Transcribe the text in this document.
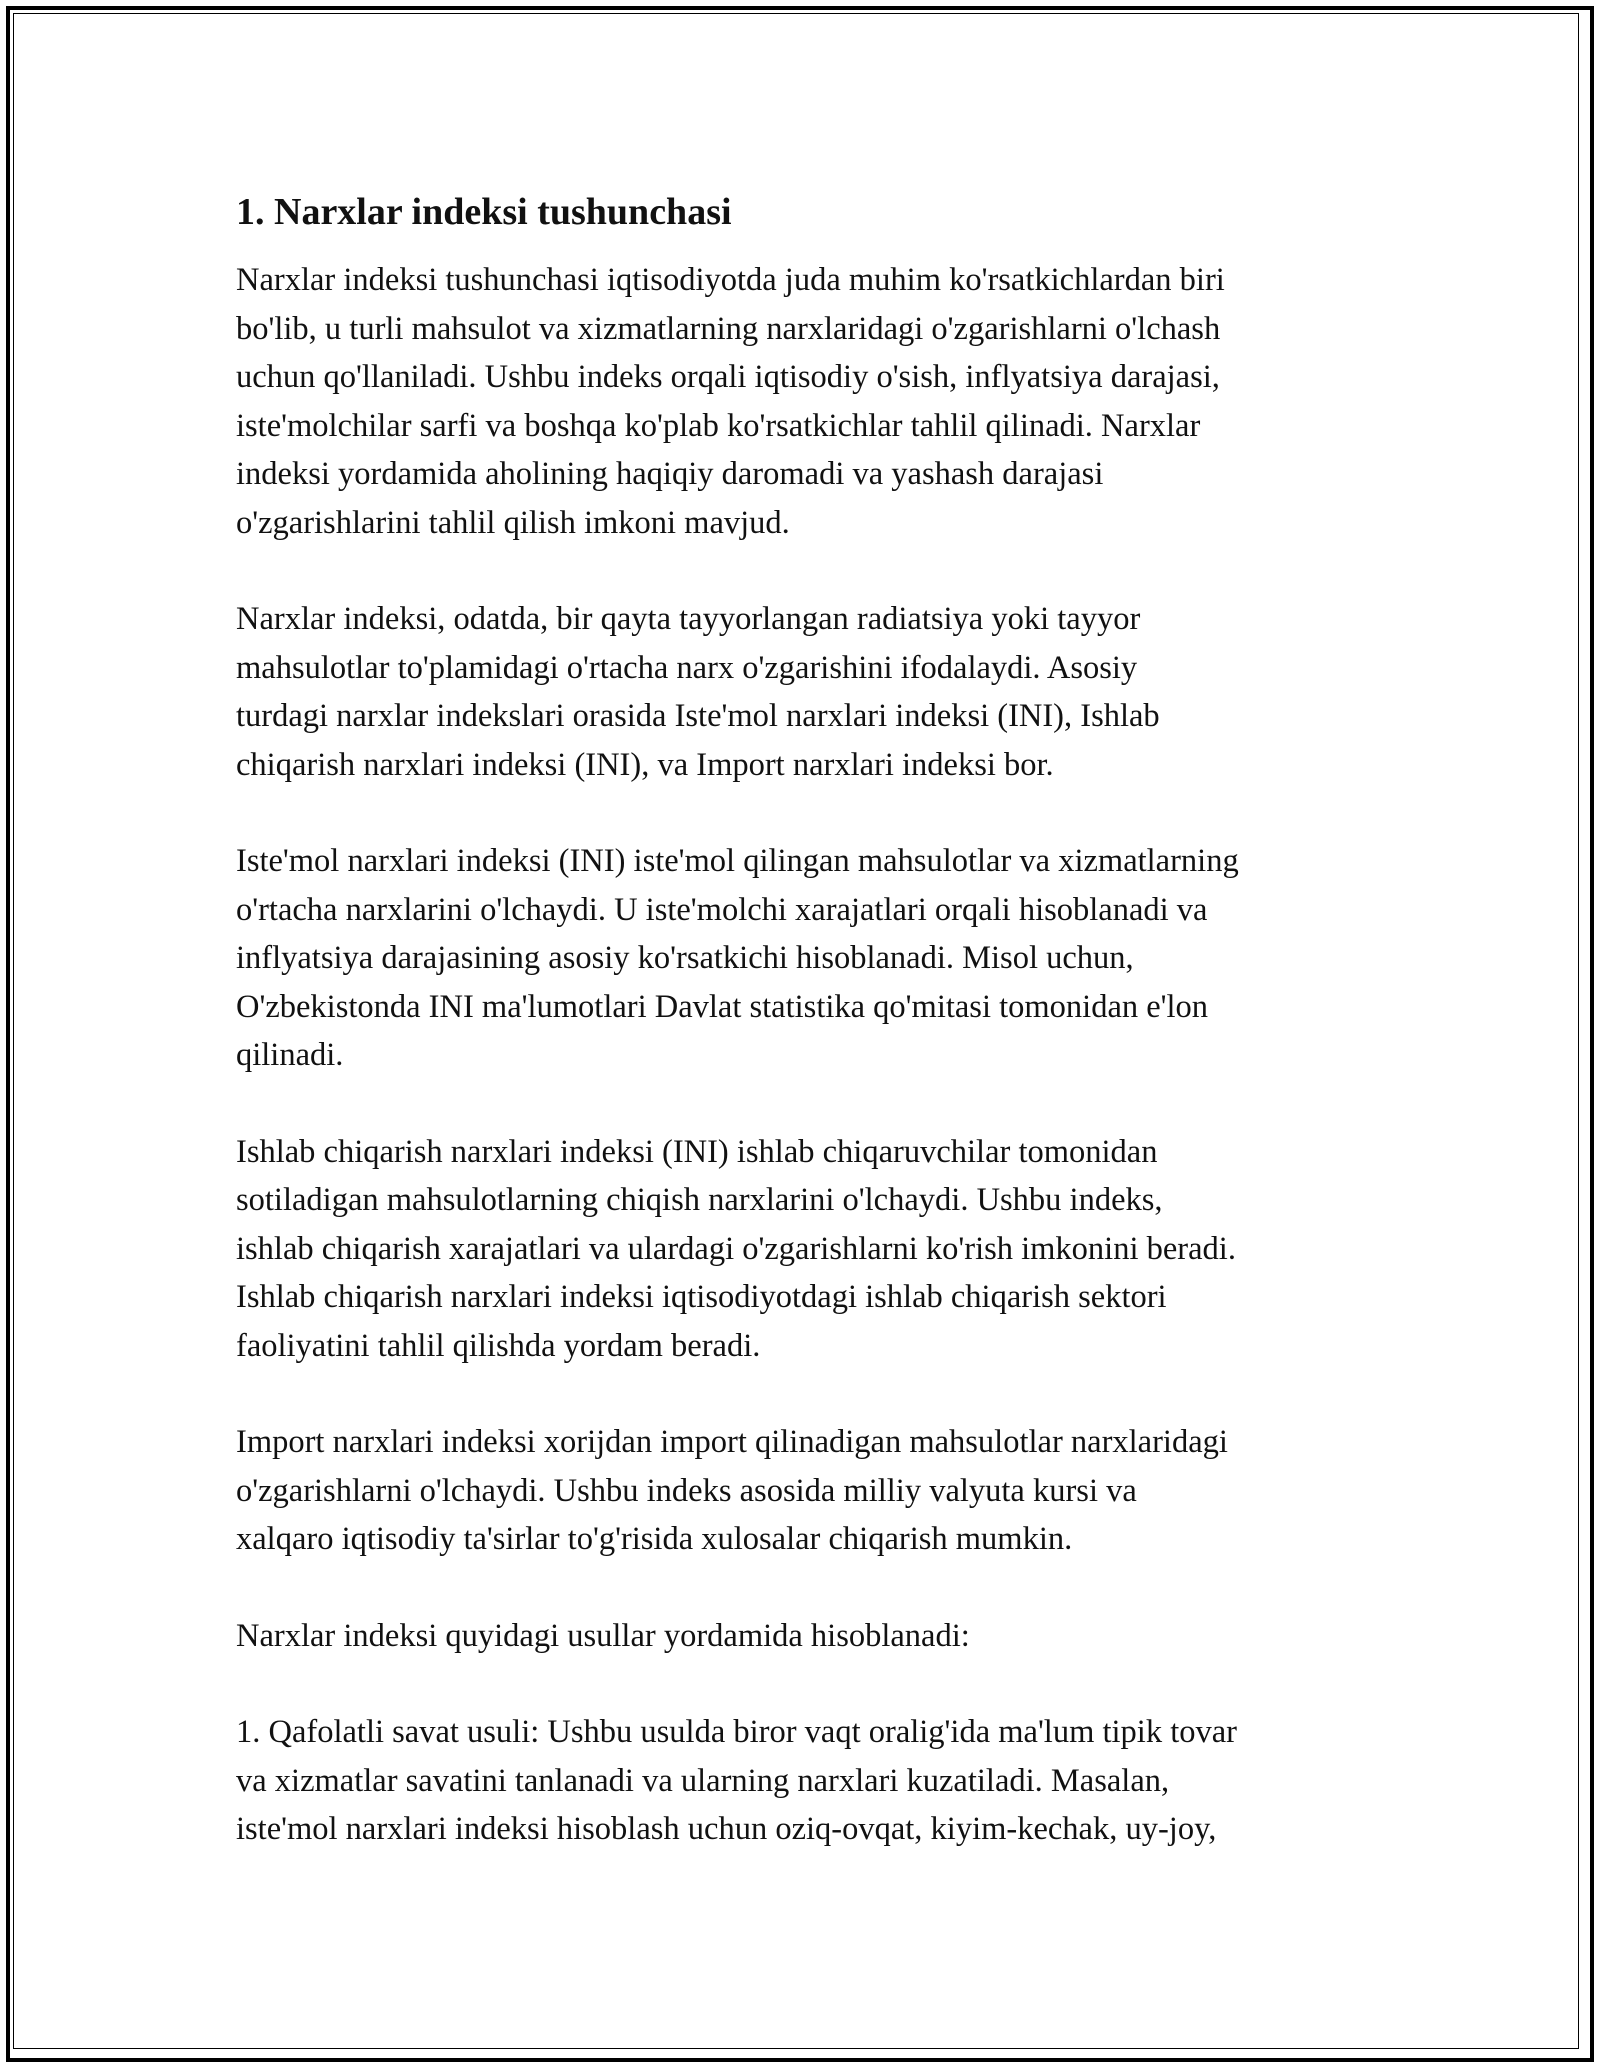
1. Narxlar indeksi tushunchasi
Narxlar indeksi tushunchasi iqtisodiyotda juda muhim ko'rsatkichlardan biri
bo'lib, u turli mahsulot va xizmatlarning narxlaridagi o'zgarishlarni o'lchash
uchun qo'llaniladi. Ushbu indeks orqali iqtisodiy o'sish, inflyatsiya darajasi,
iste'molchilar sarfi va boshqa ko'plab ko'rsatkichlar tahlil qilinadi. Narxlar
indeksi yordamida aholining haqiqiy daromadi va yashash darajasi
o'zgarishlarini tahlil qilish imkoni mavjud.
Narxlar indeksi, odatda, bir qayta tayyorlangan radiatsiya yoki tayyor
mahsulotlar to'plamidagi o'rtacha narx o'zgarishini ifodalaydi. Asosiy
turdagi narxlar indekslari orasida Iste'mol narxlari indeksi (INI), Ishlab
chiqarish narxlari indeksi (INI), va Import narxlari indeksi bor.
Iste'mol narxlari indeksi (INI) iste'mol qilingan mahsulotlar va xizmatlarning
o'rtacha narxlarini o'lchaydi. U iste'molchi xarajatlari orqali hisoblanadi va
inflyatsiya darajasining asosiy ko'rsatkichi hisoblanadi. Misol uchun,
O'zbekistonda INI ma'lumotlari Davlat statistika qo'mitasi tomonidan e'lon
qilinadi.
Ishlab chiqarish narxlari indeksi (INI) ishlab chiqaruvchilar tomonidan
sotiladigan mahsulotlarning chiqish narxlarini o'lchaydi. Ushbu indeks,
ishlab chiqarish xarajatlari va ulardagi o'zgarishlarni ko'rish imkonini beradi.
Ishlab chiqarish narxlari indeksi iqtisodiyotdagi ishlab chiqarish sektori
faoliyatini tahlil qilishda yordam beradi.
Import narxlari indeksi xorijdan import qilinadigan mahsulotlar narxlaridagi
o'zgarishlarni o'lchaydi. Ushbu indeks asosida milliy valyuta kursi va
xalqaro iqtisodiy ta'sirlar to'g'risida xulosalar chiqarish mumkin.
Narxlar indeksi quyidagi usullar yordamida hisoblanadi:
1. Qafolatli savat usuli: Ushbu usulda biror vaqt oralig'ida ma'lum tipik tovar
va xizmatlar savatini tanlanadi va ularning narxlari kuzatiladi. Masalan,
iste'mol narxlari indeksi hisoblash uchun oziq-ovqat, kiyim-kechak, uy-joy,
